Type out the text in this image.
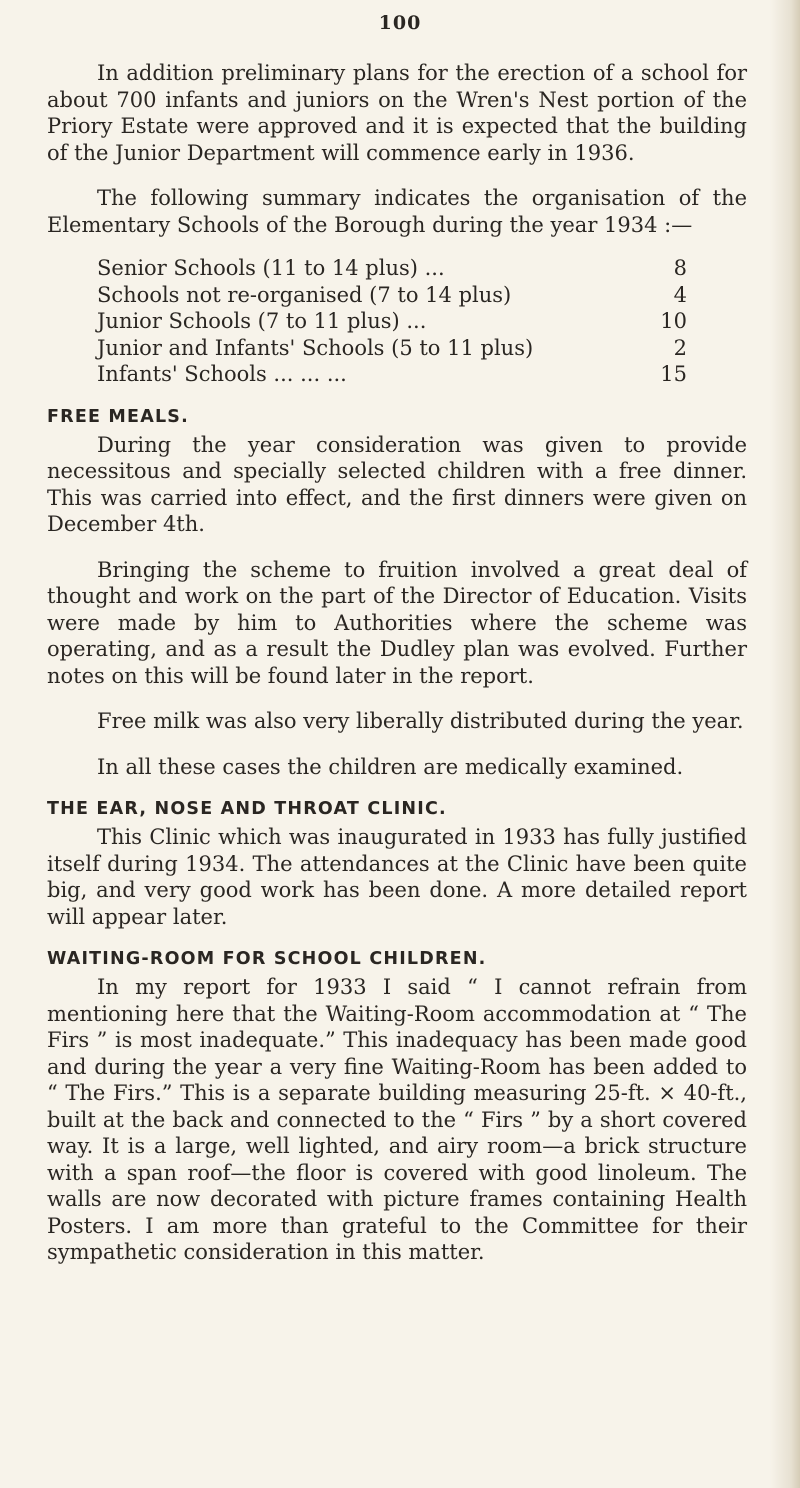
100

In addition preliminary plans for the erection of a school for about 700 infants and juniors on the Wren's Nest portion of the Priory Estate were approved and it is expected that the building of the Junior Department will commence early in 1936.

The following summary indicates the organisation of the Elementary Schools of the Borough during the year 1934 :—

Senior Schools (11 to 14 plus) ...	8
Schools not re-organised (7 to 14 plus)	4
Junior Schools (7 to 11 plus) ...	10
Junior and Infants' Schools (5 to 11 plus)	2
Infants' Schools ... ... ...	15
FREE MEALS.

During the year consideration was given to provide necessitous and specially selected children with a free dinner. This was carried into effect, and the first dinners were given on December 4th.

Bringing the scheme to fruition involved a great deal of thought and work on the part of the Director of Education. Visits were made by him to Authorities where the scheme was operating, and as a result the Dudley plan was evolved. Further notes on this will be found later in the report.

Free milk was also very liberally distributed during the year.

In all these cases the children are medically examined.

THE EAR, NOSE AND THROAT CLINIC.

This Clinic which was inaugurated in 1933 has fully justified itself during 1934. The attendances at the Clinic have been quite big, and very good work has been done. A more detailed report will appear later.

WAITING-ROOM FOR SCHOOL CHILDREN.

In my report for 1933 I said “ I cannot refrain from mentioning here that the Waiting-Room accommodation at “ The Firs ” is most inadequate.” This inadequacy has been made good and during the year a very fine Waiting-Room has been added to “ The Firs.” This is a separate building measuring 25-ft. × 40-ft., built at the back and connected to the “ Firs ” by a short covered way. It is a large, well lighted, and airy room—a brick structure with a span roof—the floor is covered with good linoleum. The walls are now decorated with picture frames containing Health Posters. I am more than grateful to the Committee for their sympathetic consideration in this matter.
